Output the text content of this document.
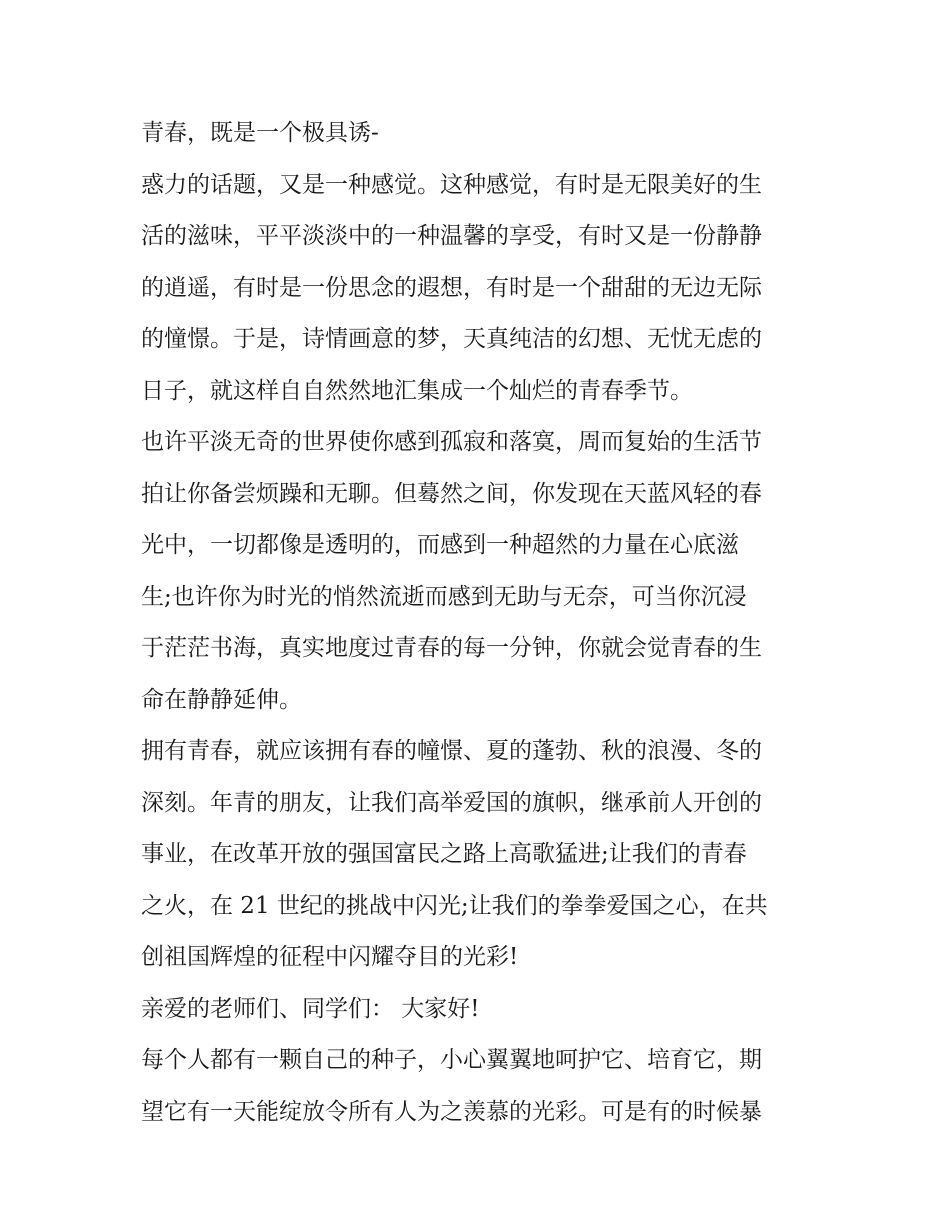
青春，既是一个极具诱-
惑力的话题，又是一种感觉。这种感觉，有时是无限美好的生
活的滋味，平平淡淡中的一种温馨的享受，有时又是一份静静
的逍遥，有时是一份思念的遐想，有时是一个甜甜的无边无际
的憧憬。于是，诗情画意的梦，天真纯洁的幻想、无忧无虑的
日子，就这样自自然然地汇集成一个灿烂的青春季节。
也许平淡无奇的世界使你感到孤寂和落寞，周而复始的生活节
拍让你备尝烦躁和无聊。但蓦然之间，你发现在天蓝风轻的春
光中，一切都像是透明的，而感到一种超然的力量在心底滋
生;也许你为时光的悄然流逝而感到无助与无奈，可当你沉浸
于茫茫书海，真实地度过青春的每一分钟，你就会觉青春的生
命在静静延伸。
拥有青春，就应该拥有春的幢憬、夏的蓬勃、秋的浪漫、冬的
深刻。年青的朋友，让我们高举爱国的旗帜，继承前人开创的
事业，在改革开放的强国富民之路上高歌猛进;让我们的青春
之火，在 21 世纪的挑战中闪光;让我们的拳拳爱国之心，在共
创祖国辉煌的征程中闪耀夺目的光彩!
亲爱的老师们、同学们： 大家好!
每个人都有一颗自己的种子，小心翼翼地呵护它、培育它，期
望它有一天能绽放令所有人为之羡慕的光彩。可是有的时候暴
